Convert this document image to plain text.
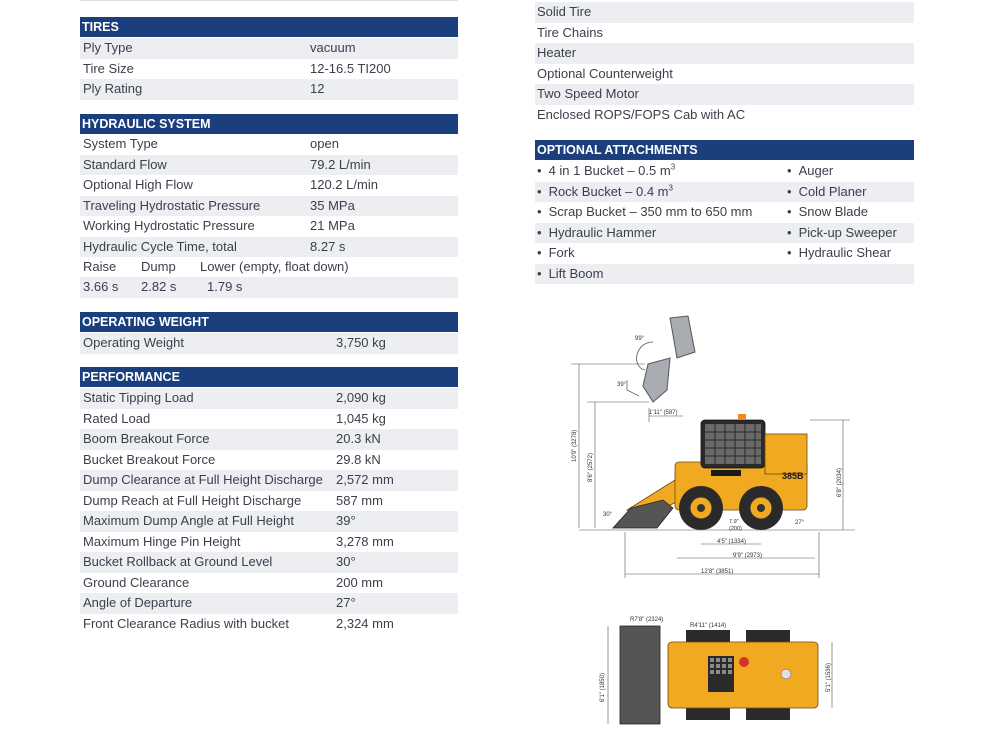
TIRES
Ply Type	vacuum
Tire Size	12-16.5 TI200
Ply Rating	12
HYDRAULIC SYSTEM
System Type	open
Standard Flow	79.2 L/min
Optional High Flow	120.2 L/min
Traveling Hydrostatic Pressure	35 MPa
Working Hydrostatic Pressure	21 MPa
Hydraulic Cycle Time, total	8.27 s
Raise Dump Lower (empty, float down)
3.66 s 2.82 s 1.79 s
OPERATING WEIGHT
Operating Weight	3,750 kg
PERFORMANCE
Static Tipping Load	2,090 kg
Rated Load	1,045 kg
Boom Breakout Force	20.3 kN
Bucket Breakout Force	29.8 kN
Dump Clearance at Full Height Discharge 2,572 mm
Dump Reach at Full Height Discharge	587 mm
Maximum Dump Angle at Full Height	39°
Maximum Hinge Pin Height	3,278 mm
Bucket Rollback at Ground Level	30°
Ground Clearance	200 mm
Angle of Departure	27°
Front Clearance Radius with bucket	2,324 mm
Solid Tire
Tire Chains
Heater
Optional Counterweight
Two Speed Motor
Enclosed ROPS/FOPS Cab with AC
OPTIONAL ATTACHMENTS
• 4 in 1 Bucket – 0.5 $m^3$	• Auger
• Rock Bucket – 0.4 $m^3$	• Cold Planer
• Scrap Bucket – 350 mm to 650 mm	• Snow Blade
• Hydraulic Hammer	• Pick-up Sweeper
• Fork	• Hydraulic Shear
• Lift Boom
99°
39°
10'9" (3278)
8'6" (2572)
1'11" (587)
385B	6'8" (2034)
30°
27°
7.9"
(200)
4'5" (1334)
9'9" (2973)
12'8" (3851)
R7'8" (2324)
R4'11" (1414)
6'1" (1850)	5'1" (1536)
